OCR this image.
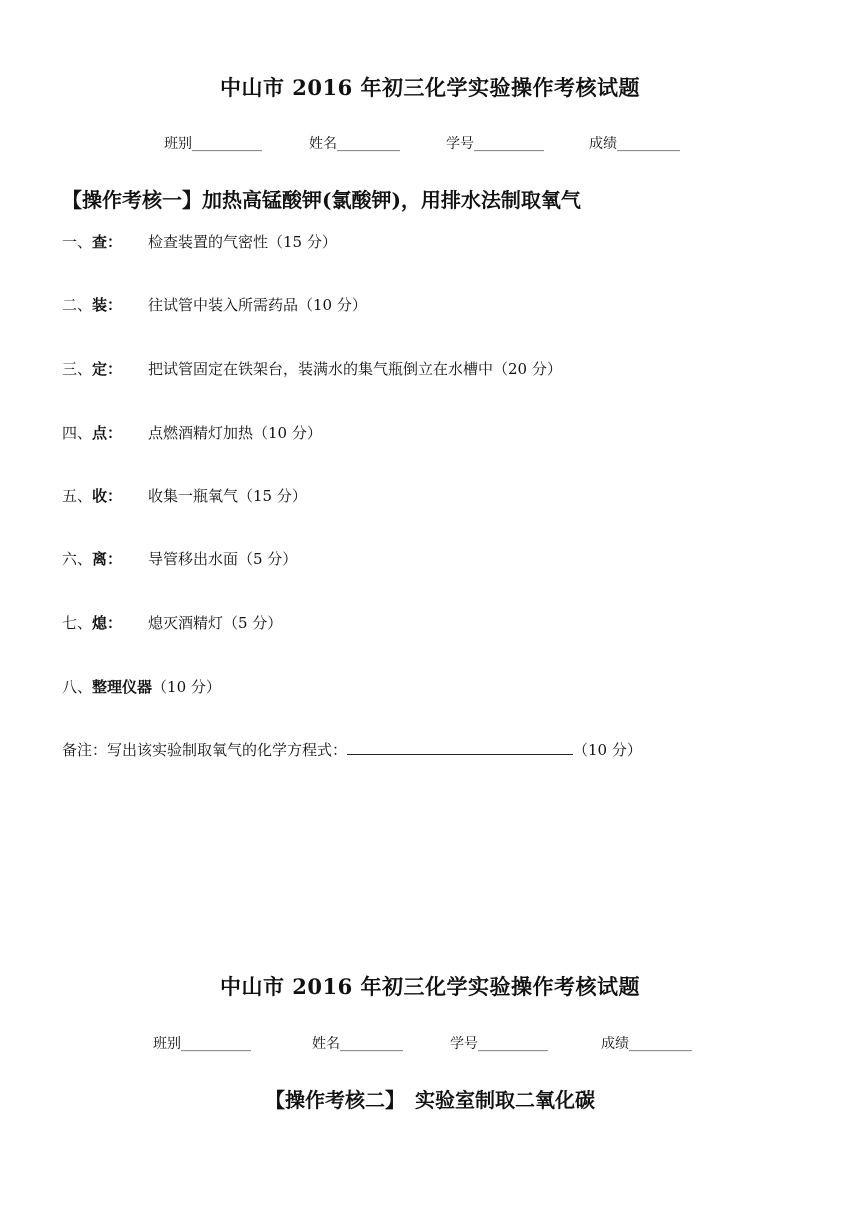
中山市 2016 年初三化学实验操作考核试题
班别__________	姓名_________	学号__________	成绩_________
【操作考核一】加热高锰酸钾(氯酸钾)，用排水法制取氧气
一、查： 检查装置的气密性（15 分）
二、装： 往试管中装入所需药品（10 分）
三、定： 把试管固定在铁架台，装满水的集气瓶倒立在水槽中（20 分）
四、点： 点燃酒精灯加热（10 分）
五、收： 收集一瓶氧气（15 分）
六、离： 导管移出水面（5 分）
七、熄： 熄灭酒精灯（5 分）
八、整理仪器（10 分）
备注：写出该实验制取氧气的化学方程式：	（10 分）
中山市 2016 年初三化学实验操作考核试题
班别__________	姓名_________	学号__________	成绩_________
【操作考核二】　实验室制取二氧化碳
